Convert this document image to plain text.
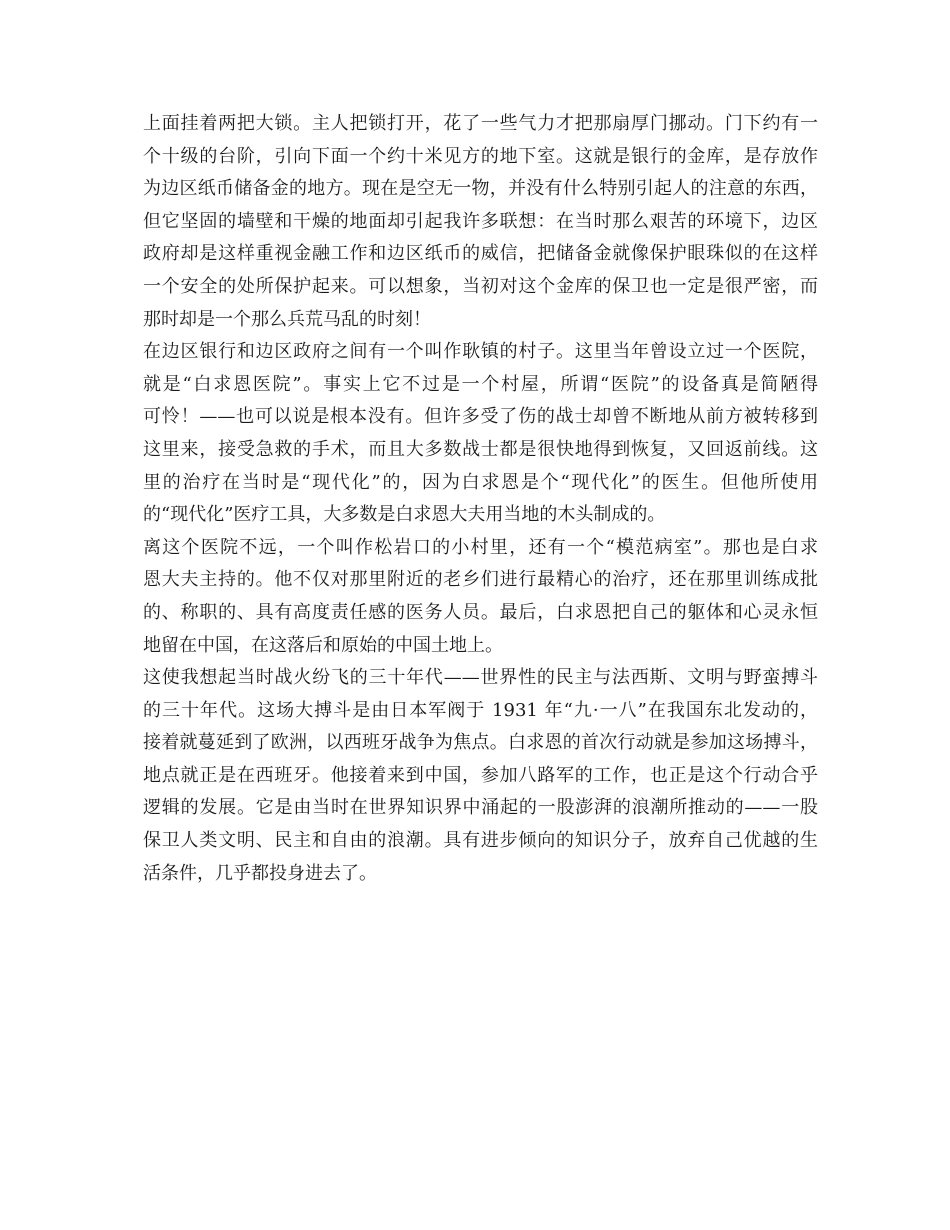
上面挂着两把大锁。主人把锁打开，花了一些气力才把那扇厚门挪动。门下约有一
个十级的台阶，引向下面一个约十米见方的地下室。这就是银行的金库，是存放作
为边区纸币储备金的地方。现在是空无一物，并没有什么特别引起人的注意的东西，
但它坚固的墙壁和干燥的地面却引起我许多联想：在当时那么艰苦的环境下，边区
政府却是这样重视金融工作和边区纸币的威信，把储备金就像保护眼珠似的在这样
一个安全的处所保护起来。可以想象，当初对这个金库的保卫也一定是很严密，而
那时却是一个那么兵荒马乱的时刻！
在边区银行和边区政府之间有一个叫作耿镇的村子。这里当年曾设立过一个医院，
就是“白求恩医院”。事实上它不过是一个村屋，所谓“医院”的设备真是简陋得
可怜！——也可以说是根本没有。但许多受了伤的战士却曾不断地从前方被转移到
这里来，接受急救的手术，而且大多数战士都是很快地得到恢复，又回返前线。这
里的治疗在当时是“现代化”的，因为白求恩是个“现代化”的医生。但他所使用
的“现代化”医疗工具，大多数是白求恩大夫用当地的木头制成的。
离这个医院不远，一个叫作松岩口的小村里，还有一个“模范病室”。那也是白求
恩大夫主持的。他不仅对那里附近的老乡们进行最精心的治疗，还在那里训练成批
的、称职的、具有高度责任感的医务人员。最后，白求恩把自己的躯体和心灵永恒
地留在中国，在这落后和原始的中国土地上。
这使我想起当时战火纷飞的三十年代——世界性的民主与法西斯、文明与野蛮搏斗
的三十年代。这场大搏斗是由日本军阀于 1931 年“九·一八”在我国东北发动的，
接着就蔓延到了欧洲，以西班牙战争为焦点。白求恩的首次行动就是参加这场搏斗，
地点就正是在西班牙。他接着来到中国，参加八路军的工作，也正是这个行动合乎
逻辑的发展。它是由当时在世界知识界中涌起的一股澎湃的浪潮所推动的——一股
保卫人类文明、民主和自由的浪潮。具有进步倾向的知识分子，放弃自己优越的生
活条件，几乎都投身进去了。
